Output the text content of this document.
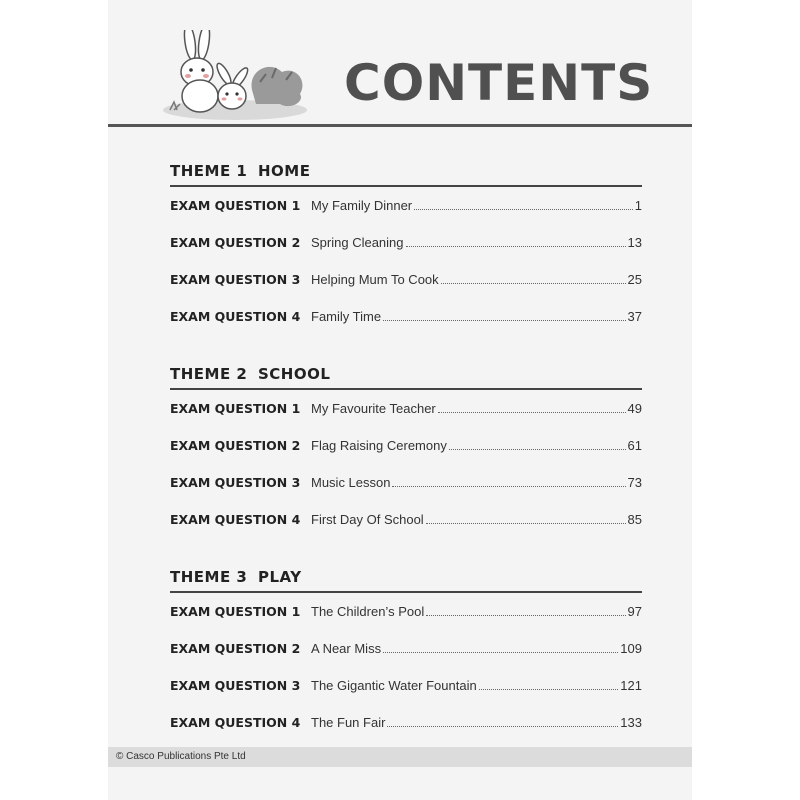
CONTENTS
THEME 1 HOME
EXAM QUESTION 1 My Family Dinner	1
EXAM QUESTION 2 Spring Cleaning	13
EXAM QUESTION 3 Helping Mum To Cook	25
EXAM QUESTION 4 Family Time	37
THEME 2 SCHOOL
EXAM QUESTION 1 My Favourite Teacher	49
EXAM QUESTION 2 Flag Raising Ceremony	61
EXAM QUESTION 3 Music Lesson	73
EXAM QUESTION 4 First Day Of School	85
THEME 3 PLAY
EXAM QUESTION 1 The Children’s Pool	97
EXAM QUESTION 2 A Near Miss	109
EXAM QUESTION 3 The Gigantic Water Fountain	121
EXAM QUESTION 4 The Fun Fair	133
© Casco Publications Pte Ltd
